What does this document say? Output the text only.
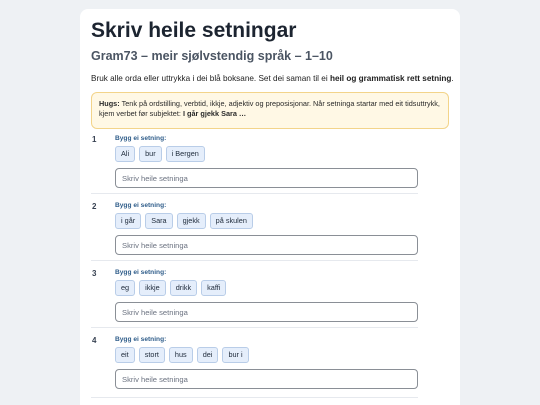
Skriv heile setningar
Gram73 – meir sjølvstendig språk – 1–10

Bruk alle orda eller uttrykka i dei blå boksane. Set dei saman til ei heil og grammatisk rett setning.

Hugs: Tenk på ordstilling, verbtid, ikkje, adjektiv og preposisjonar. Når setninga startar med eit tidsuttrykk, kjem verbet før subjektet: I går gjekk Sara …
1	Bygg ei setning:
Ali	bur	i Bergen
Skriv heile setninga
2	Bygg ei setning:
i går	Sara	gjekk	på skulen
Skriv heile setninga
3	Bygg ei setning:
eg	ikkje	drikk	kaffi
Skriv heile setninga
4	Bygg ei setning:
eit	stort	hus	dei	bur i
Skriv heile setninga
